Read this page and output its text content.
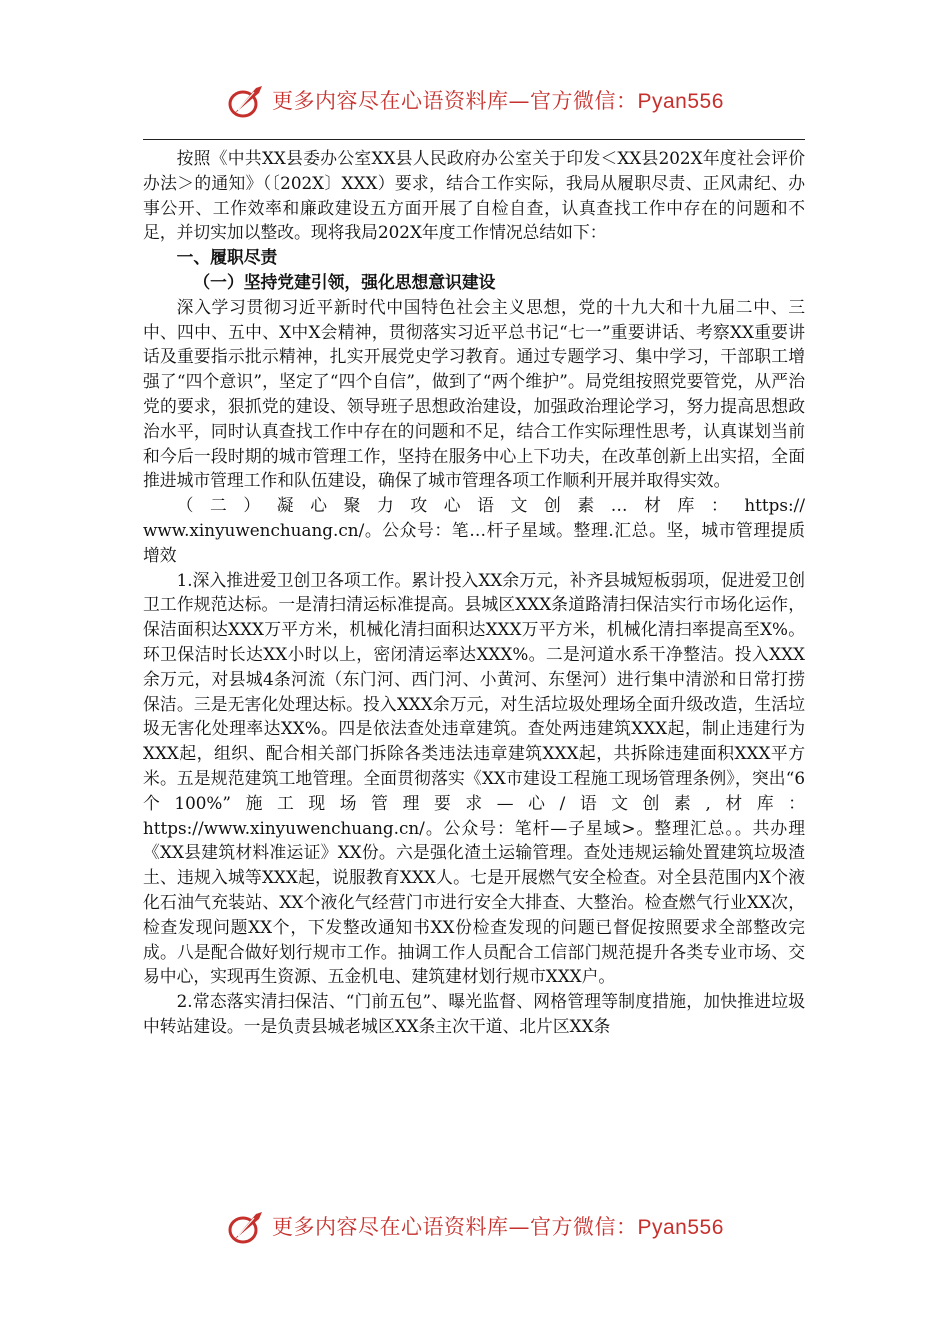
更多内容尽在心语资料库—官方微信：Pyan556

按照《中共XX县委办公室XX县人民政府办公室关于印发＜XX县202X年度社会评价办法＞的通知》（〔202X〕XXX）要求，结合工作实际，我局从履职尽责、正风肃纪、办事公开、工作效率和廉政建设五方面开展了自检自查，认真查找工作中存在的问题和不足，并切实加以整改。现将我局202X年度工作情况总结如下：

一、履职尽责

（一）坚持党建引领，强化思想意识建设

深入学习贯彻习近平新时代中国特色社会主义思想，党的十九大和十九届二中、三中、四中、五中、X中X会精神，贯彻落实习近平总书记“七一”重要讲话、考察XX重要讲话及重要指示批示精神，扎实开展党史学习教育。通过专题学习、集中学习，干部职工增强了“四个意识”，坚定了“四个自信”，做到了“两个维护”。局党组按照党要管党，从严治党的要求，狠抓党的建设、领导班子思想政治建设，加强政治理论学习，努力提高思想政治水平，同时认真查找工作中存在的问题和不足，结合工作实际理性思考，认真谋划当前和今后一段时期的城市管理工作，坚持在服务中心上下功夫，在改革创新上出实招，全面推进城市管理工作和队伍建设，确保了城市管理各项工作顺利开展并取得实效。

（二）凝心聚力攻心语文创素…材库：https://
www.xinyuwenchuang.cn/。公众号：笔…杆子星域。整理.汇总。坚，城市管理提质增效

1.深入推进爱卫创卫各项工作。累计投入XX余万元，补齐县城短板弱项，促进爱卫创卫工作规范达标。一是清扫清运标准提高。县城区XXX条道路清扫保洁实行市场化运作，保洁面积达XXX万平方米，机械化清扫面积达XXX万平方米，机械化清扫率提高至X%。环卫保洁时长达XX小时以上，密闭清运率达XXX%。二是河道水系干净整洁。投入XXX余万元，对县城4条河流（东门河、西门河、小黄河、东堡河）进行集中清淤和日常打捞保洁。三是无害化处理达标。投入XXX余万元，对生活垃圾处理场全面升级改造，生活垃圾无害化处理率达XX%。四是依法查处违章建筑。查处两违建筑XXX起，制止违建行为XXX起，组织、配合相关部门拆除各类违法违章建筑XXX起，共拆除违建面积XXX平方米。五是规范建筑工地管理。全面贯彻落实《XX市建设工程施工现场管理条例》，突出“6个100%”施工现场管理要求—心/语文创素,材库：https://www.xinyuwenchuang.cn/。公众号：笔杆—子星域>。整理汇总。。共办理《XX县建筑材料准运证》XX份。六是强化渣土运输管理。查处违规运输处置建筑垃圾渣土、违规入城等XXX起，说服教育XXX人。七是开展燃气安全检查。对全县范围内X个液化石油气充装站、XX个液化气经营门市进行安全大排查、大整治。检查燃气行业XX次，检查发现问题XX个，下发整改通知书XX份检查发现的问题已督促按照要求全部整改完成。八是配合做好划行规市工作。抽调工作人员配合工信部门规范提升各类专业市场、交易中心，实现再生资源、五金机电、建筑建材划行规市XXX户。

2.常态落实清扫保洁、“门前五包”、曝光监督、网格管理等制度措施，加快推进垃圾中转站建设。一是负责县城老城区XX条主次干道、北片区XX条

更多内容尽在心语资料库—官方微信：Pyan556
